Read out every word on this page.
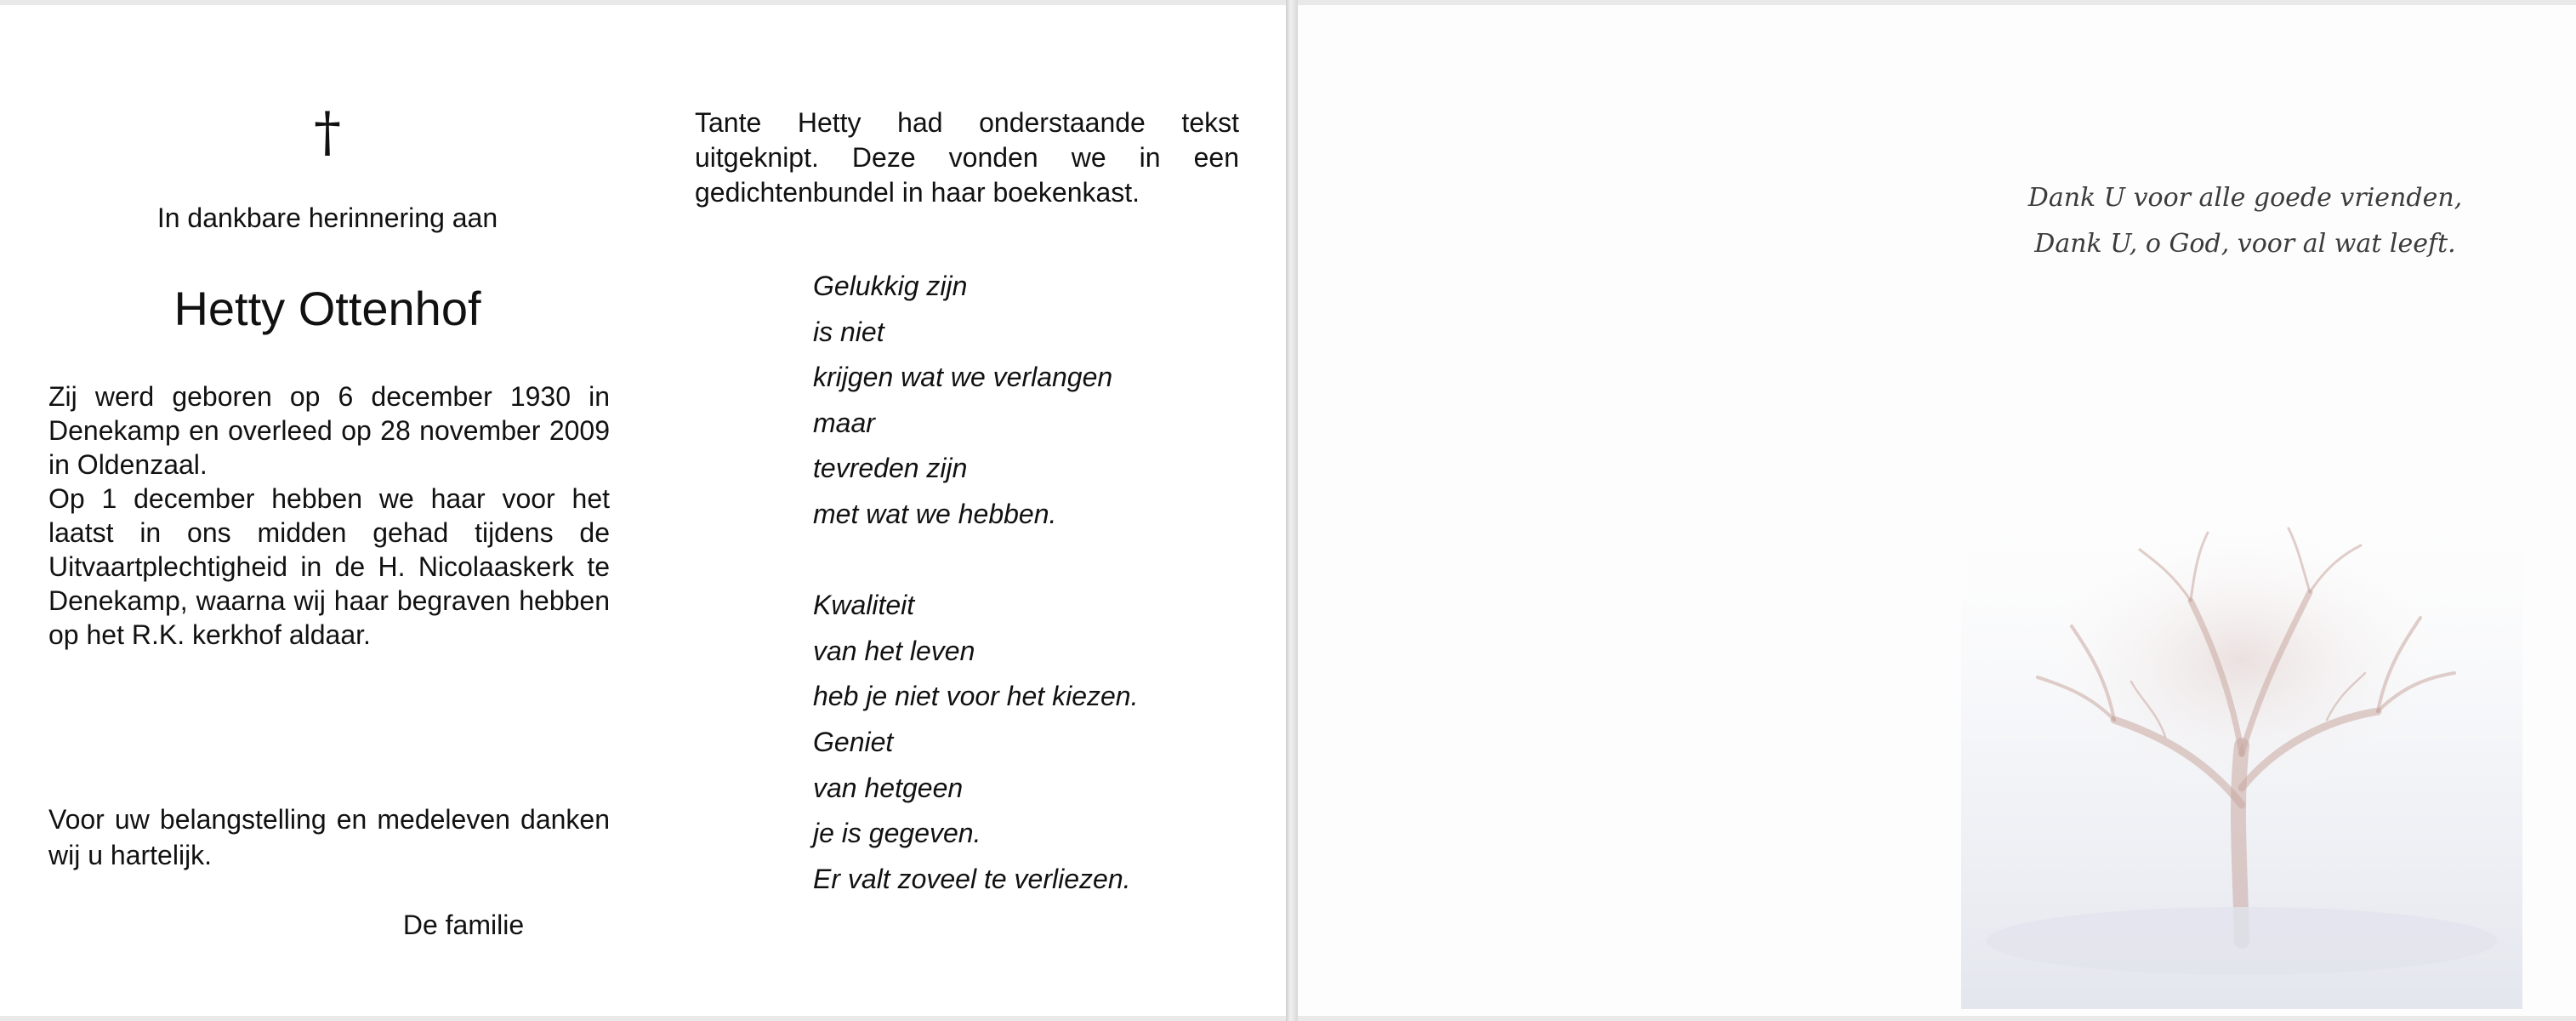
†
In dankbare herinnering aan
Hetty Ottenhof

Zij werd geboren op 6 december 1930 in Denekamp en overleed op 28 november 2009 in Oldenzaal.

Op 1 december hebben we haar voor het laatst in ons midden gehad tijdens de Uitvaartplechtigheid in de H. Nicolaaskerk te Denekamp, waarna wij haar begraven hebben op het R.K. kerkhof aldaar.

Voor uw belangstelling en medeleven danken wij u hartelijk.
De familie
Tante Hetty had onderstaande tekst uitgeknipt. Deze vonden we in een gedichtenbundel in haar boekenkast.
Gelukkig zijn
is niet
krijgen wat we verlangen
maar
tevreden zijn
met wat we hebben.
Kwaliteit
van het leven
heb je niet voor het kiezen.
Geniet
van hetgeen
je is gegeven.
Er valt zoveel te verliezen.
Dank U voor alle goede vrienden,
Dank U, o God, voor al wat leeft.
